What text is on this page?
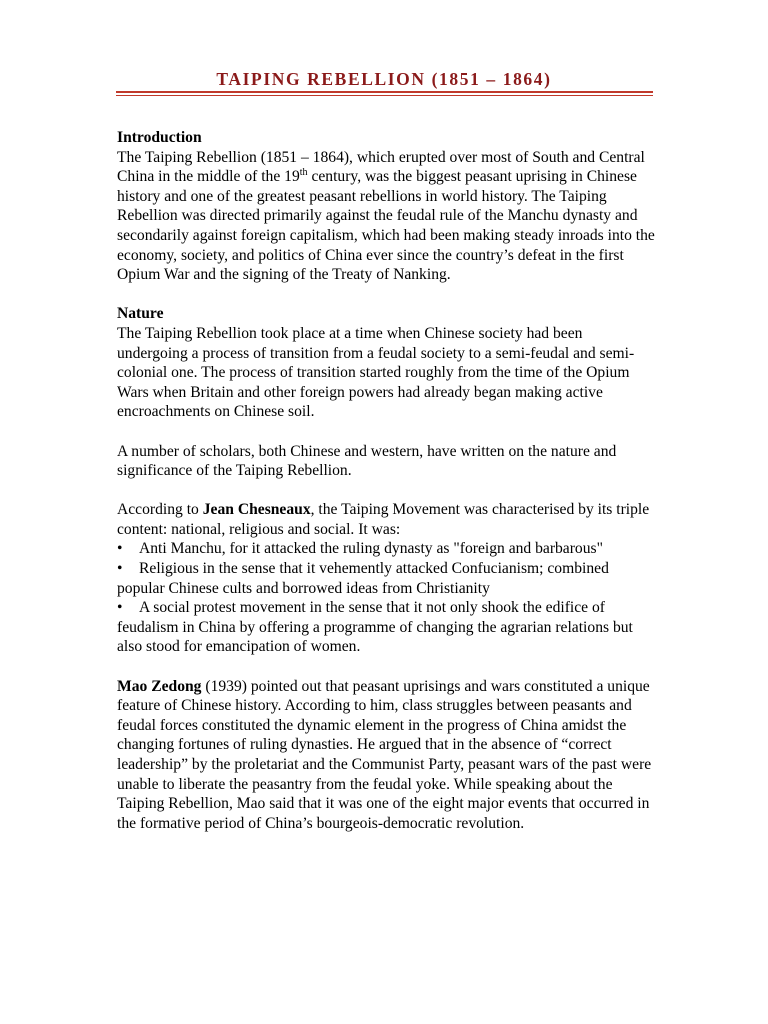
TAIPING REBELLION (1851 – 1864)

Introduction

The Taiping Rebellion (1851 – 1864), which erupted over most of South and Central China in the middle of the 19th century, was the biggest peasant uprising in Chinese history and one of the greatest peasant rebellions in world history. The Taiping Rebellion was directed primarily against the feudal rule of the Manchu dynasty and secondarily against foreign capitalism, which had been making steady inroads into the economy, society, and politics of China ever since the country’s defeat in the first Opium War and the signing of the Treaty of Nanking.

Nature

The Taiping Rebellion took place at a time when Chinese society had been undergoing a process of transition from a feudal society to a semi-feudal and semi-colonial one. The process of transition started roughly from the time of the Opium Wars when Britain and other foreign powers had already began making active encroachments on Chinese soil.

A number of scholars, both Chinese and western, have written on the nature and significance of the Taiping Rebellion.

According to Jean Chesneaux, the Taiping Movement was characterised by its triple content: national, religious and social. It was:

• Anti Manchu, for it attacked the ruling dynasty as "foreign and barbarous"

• Religious in the sense that it vehemently attacked Confucianism; combined popular Chinese cults and borrowed ideas from Christianity

• A social protest movement in the sense that it not only shook the edifice of feudalism in China by offering a programme of changing the agrarian relations but also stood for emancipation of women.

Mao Zedong (1939) pointed out that peasant uprisings and wars constituted a unique feature of Chinese history. According to him, class struggles between peasants and feudal forces constituted the dynamic element in the progress of China amidst the changing fortunes of ruling dynasties. He argued that in the absence of “correct leadership” by the proletariat and the Communist Party, peasant wars of the past were unable to liberate the peasantry from the feudal yoke. While speaking about the Taiping Rebellion, Mao said that it was one of the eight major events that occurred in the formative period of China’s bourgeois-democratic revolution.
